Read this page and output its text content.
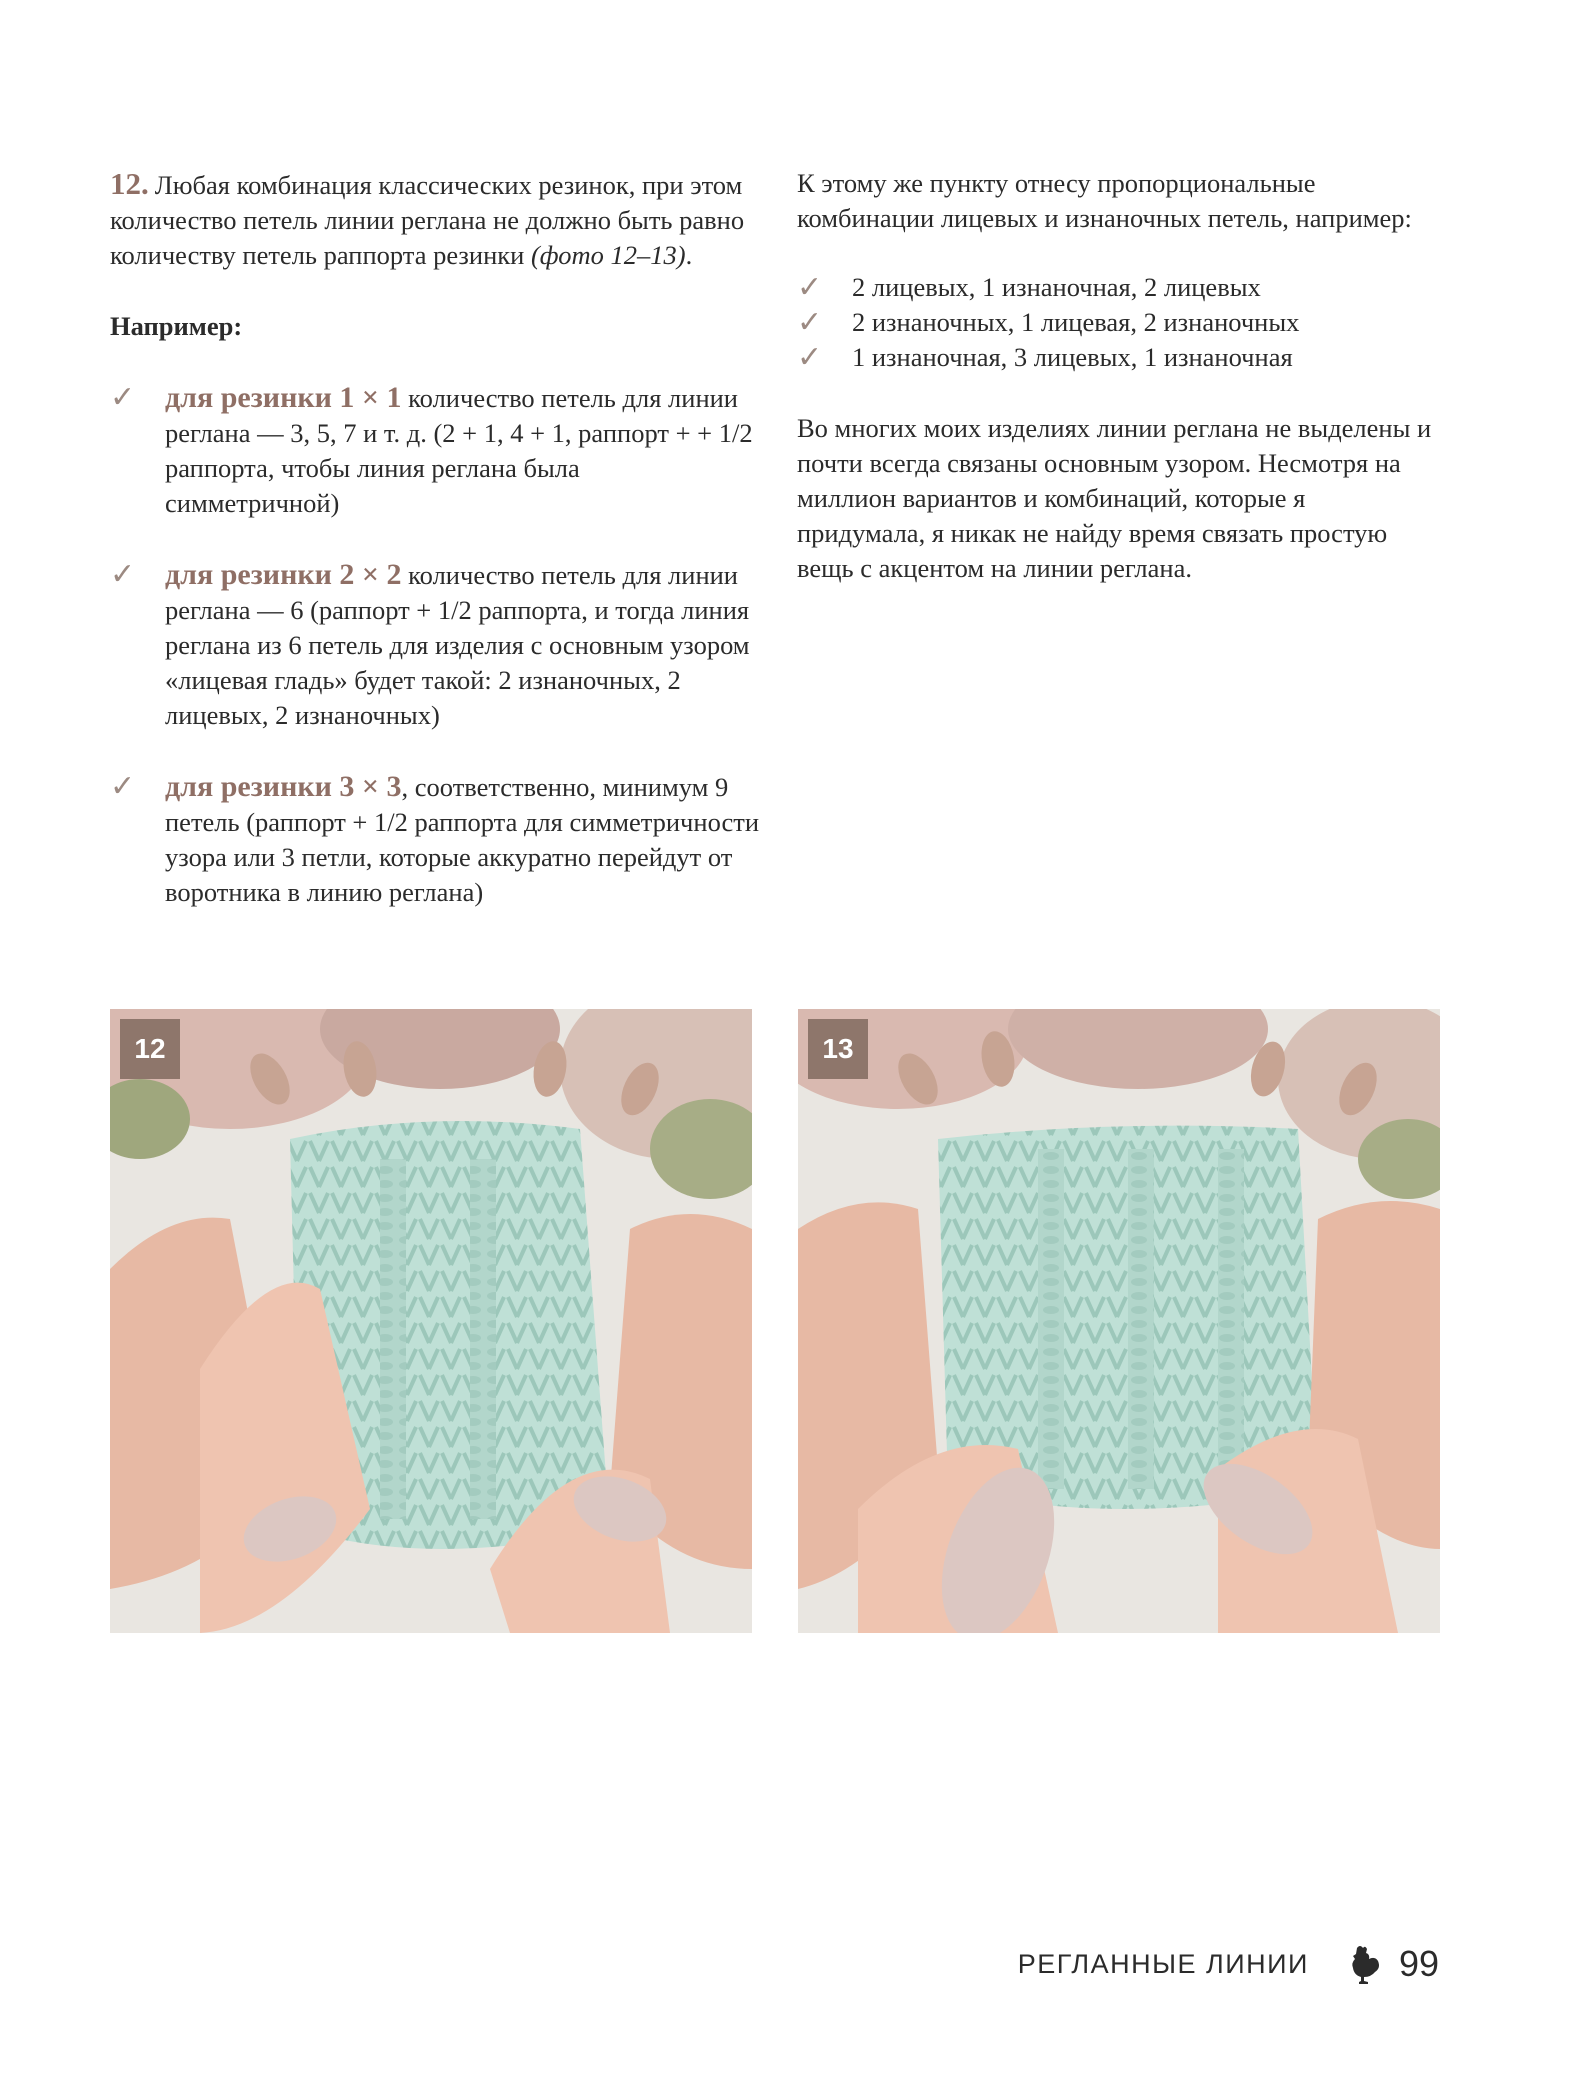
12. Любая комбинация классических резинок, при этом количество петель линии реглана не должно быть равно количеству петель раппорта резинки (фото 12–13).

Например:

✓ для резинки 1 × 1 количество петель для линии реглана — 3, 5, 7 и т. д. (2 + 1, 4 + 1, раппорт + + 1/2 раппорта, чтобы линия реглана была симметричной)
✓ для резинки 2 × 2 количество петель для линии реглана — 6 (раппорт + 1/2 раппорта, и тогда линия реглана из 6 петель для изделия с основным узором «лицевая гладь» будет такой: 2 изнаночных, 2 лицевых, 2 изнаночных)
✓ для резинки 3 × 3, соответственно, минимум 9 петель (раппорт + 1/2 раппорта для симметричности узора или 3 петли, которые аккуратно перейдут от воротника в линию реглана)

К этому же пункту отнесу пропорциональные комбинации лицевых и изнаночных петель, например:

✓ 2 лицевых, 1 изнаночная, 2 лицевых
✓ 2 изнаночных, 1 лицевая, 2 изнаночных
✓ 1 изнаночная, 3 лицевых, 1 изнаночная

Во многих моих изделиях линии реглана не выделены и почти всегда связаны основным узором. Несмотря на миллион вариантов и комбинаций, которые я придумала, я никак не найду время связать простую вещь с акцентом на линии реглана.

12	13
РЕГЛАННЫЕ ЛИНИИ	99
